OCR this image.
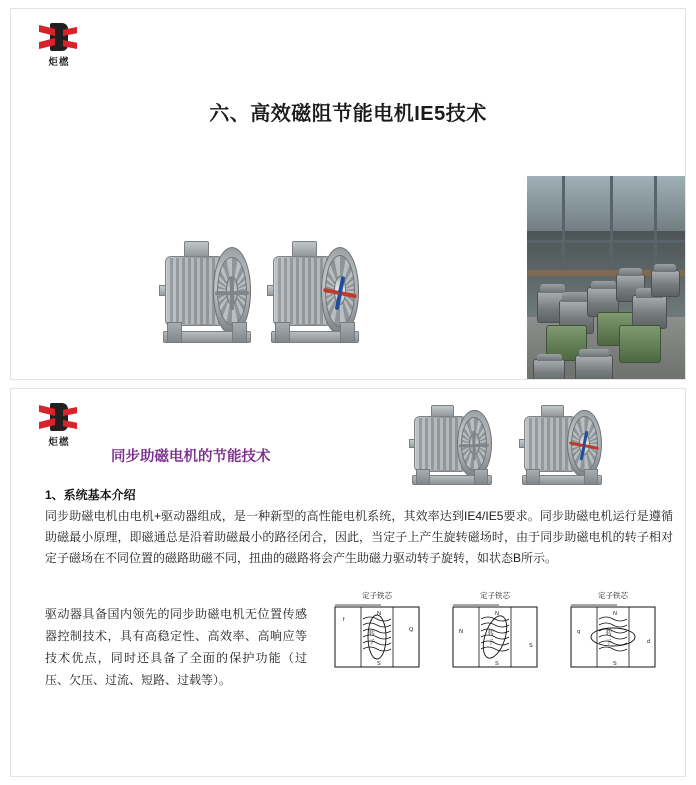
炬橪
六、高效磁阻节能电机IE5技术
炬橪
同步助磁电机的节能技术
1、系统基本介绍
同步助磁电机由电机+驱动器组成，是一种新型的高性能电机系统，其效率达到IE4/IE5要求。同步助磁电机运行是遵循助磁最小原理，即磁通总是沿着助磁最小的路径闭合，因此，当定子上产生旋转磁场时，由于同步助磁电机的转子相对定子磁场在不同位置的磁路助磁不同，扭曲的磁路将会产生助磁力驱动转子旋转，如状态B所示。
驱动器具备国内领先的同步助磁电机无位置传感器控制技术，具有高稳定性、高效率、高响应等技术优点，同时还具备了全面的保护功能（过压、欠压、过流、短路、过载等）。
定子铁芯
转
子
f
Q
N
S
定子铁芯
转
子
N
S
N
S
定子铁芯
转
子
N
S
q
d
